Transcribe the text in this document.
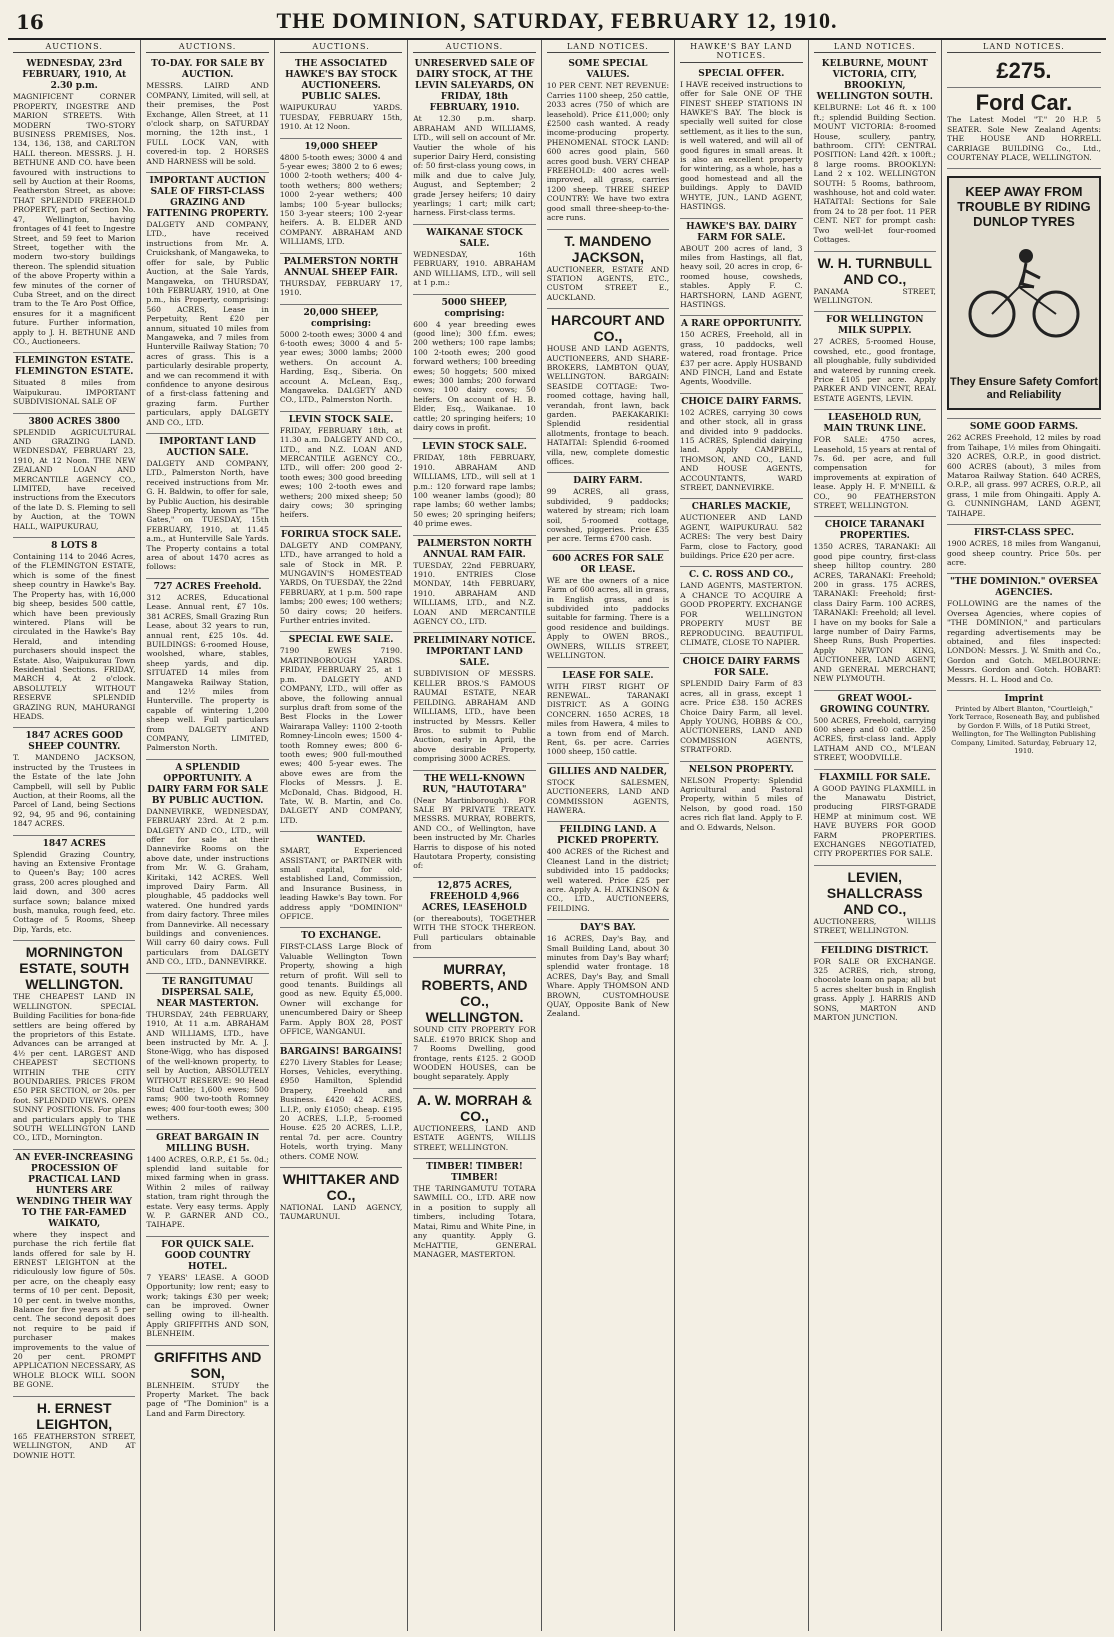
16	THE DOMINION, SATURDAY, FEBRUARY 12, 1910.
AUCTIONS.
WEDNESDAY, 23rd FEBRUARY, 1910, At 2.30 p.m.

MAGNIFICENT CORNER PROPERTY, INGESTRE AND MARION STREETS. With MODERN TWO-STORY BUSINESS PREMISES, Nos. 134, 136, 138, and CARLTON HALL thereon. MESSRS. J. H. BETHUNE AND CO. have been favoured with instructions to sell by Auction at their Rooms, Featherston Street, as above: THAT SPLENDID FREEHOLD PROPERTY, part of Section No. 47, Wellington, having frontages of 41 feet to Ingestre Street, and 59 feet to Marion Street, together with the modern two-story buildings thereon. The splendid situation of the above Property within a few minutes of the corner of Cuba Street, and on the direct tram to the Te Aro Post Office, ensures for it a magnificent future. Further information, apply to J. H. BETHUNE AND CO., Auctioneers.

FLEMINGTON ESTATE. FLEMINGTON ESTATE.

Situated 8 miles from Waipukurau. IMPORTANT SUBDIVISIONAL SALE OF

3800 ACRES 3800

SPLENDID AGRICULTURAL AND GRAZING LAND. WEDNESDAY, FEBRUARY 23, 1910, At 12 Noon. THE NEW ZEALAND LOAN AND MERCANTILE AGENCY CO., LIMITED, have received instructions from the Executors of the late D. S. Fleming to sell by Auction, at the TOWN HALL, WAIPUKURAU,

8 LOTS 8

Containing 114 to 2046 Acres, of the FLEMINGTON ESTATE, which is some of the finest sheep country in Hawke's Bay. The Property has, with 16,000 big sheep, besides 500 cattle, which have been previously wintered. Plans will be circulated in the Hawke's Bay Herald, and intending purchasers should inspect the Estate. Also, Waipukurau Town Residential Sections. FRIDAY, MARCH 4, At 2 o'clock. ABSOLUTELY WITHOUT RESERVE SPLENDID GRAZING RUN, MAHURANGI HEADS.

1847 ACRES GOOD SHEEP COUNTRY.

T. MANDENO JACKSON, instructed by the Trustees in the Estate of the late John Campbell, will sell by Public Auction, at their Rooms, all the Parcel of Land, being Sections 92, 94, 95 and 96, containing 1847 ACRES.

1847 ACRES

Splendid Grazing Country, having an Extensive Frontage to Queen's Bay; 100 acres grass, 200 acres ploughed and laid down, and 300 acres surface sown; balance mixed bush, manuka, rough feed, etc. Cottage of 5 Rooms, Sheep Dip, Yards, etc.

MORNINGTON ESTATE, SOUTH WELLINGTON.

THE CHEAPEST LAND IN WELLINGTON. SPECIAL Building Facilities for bona-fide settlers are being offered by the proprietors of this Estate. Advances can be arranged at 4½ per cent. LARGEST AND CHEAPEST SECTIONS WITHIN THE CITY BOUNDARIES. PRICES FROM £50 PER SECTION, or 20s. per foot. SPLENDID VIEWS. OPEN SUNNY POSITIONS. For plans and particulars apply to THE SOUTH WELLINGTON LAND CO., LTD., Mornington.

AN EVER-INCREASING PROCESSION OF PRACTICAL LAND HUNTERS ARE WENDING THEIR WAY TO THE FAR-FAMED WAIKATO,

where they inspect and purchase the rich fertile flat lands offered for sale by H. ERNEST LEIGHTON at the ridiculously low figure of 50s. per acre, on the cheaply easy terms of 10 per cent. Deposit, 10 per cent. in twelve months, Balance for five years at 5 per cent. The second deposit does not require to be paid if purchaser makes improvements to the value of 20 per cent. PROMPT APPLICATION NECESSARY, AS WHOLE BLOCK WILL SOON BE GONE.

H. ERNEST LEIGHTON,

165 FEATHERSTON STREET, WELLINGTON, AND AT DOWNIE HOTT.

AUCTIONS.
TO-DAY. FOR SALE BY AUCTION.

MESSRS. LAIRD AND COMPANY, Limited, will sell, at their premises, the Post Exchange, Allen Street, at 11 o'clock sharp, on SATURDAY morning, the 12th inst., 1 FULL LOCK VAN, with covered-in top. 2 HORSES AND HARNESS will be sold.

IMPORTANT AUCTION SALE OF FIRST-CLASS GRAZING AND FATTENING PROPERTY.

DALGETY AND COMPANY, LTD., have received instructions from Mr. A. Cruickshank, of Mangaweka, to offer for sale, by Public Auction, at the Sale Yards, Mangaweka, on THURSDAY, 10th FEBRUARY, 1910, at One p.m., his Property, comprising: 560 ACRES, Lease in Perpetuity, Rent £20 per annum, situated 10 miles from Mangaweka, and 7 miles from Hunterville Railway Station; 70 acres of grass. This is a particularly desirable property, and we can recommend it with confidence to anyone desirous of a first-class fattening and grazing farm. Further particulars, apply DALGETY AND CO., LTD.

IMPORTANT LAND AUCTION SALE.

DALGETY AND COMPANY, LTD., Palmerston North, have received instructions from Mr. G. H. Baldwin, to offer for sale, by Public Auction, his desirable Sheep Property, known as "The Gates," on TUESDAY, 15th FEBRUARY, 1910, at 11.45 a.m., at Hunterville Sale Yards. The Property contains a total area of about 1470 acres as follows:

727 ACRES Freehold.

312 ACRES, Educational Lease. Annual rent, £7 10s. 381 ACRES, Small Grazing Run Lease, about 32 years to run, annual rent, £25 10s. 4d. BUILDINGS: 6-roomed House, woolshed, whare, stables, sheep yards, and dip. SITUATED 14 miles from Mangaweka Railway Station, and 12½ miles from Hunterville. The property is capable of wintering 1,200 sheep well. Full particulars from DALGETY AND COMPANY, LIMITED, Palmerston North.

A SPLENDID OPPORTUNITY. A DAIRY FARM FOR SALE BY PUBLIC AUCTION.

DANNEVIRKE, WEDNESDAY, FEBRUARY 23rd. At 2 p.m. DALGETY AND CO., LTD., will offer for sale at their Dannevirke Rooms on the above date, under instructions from Mr. W. G. Graham, Kiritaki, 142 ACRES. Well improved Dairy Farm. All ploughable, 45 paddocks well watered. One hundred yards from dairy factory. Three miles from Dannevirke. All necessary buildings and conveniences. Will carry 60 dairy cows. Full particulars from DALGETY AND CO., LTD., DANNEVIRKE.

TE RANGITUMAU DISPERSAL SALE, NEAR MASTERTON.

THURSDAY, 24th FEBRUARY, 1910, At 11 a.m. ABRAHAM AND WILLIAMS, LTD., have been instructed by Mr. A. J. Stone-Wigg, who has disposed of the well-known property, to sell by Auction, ABSOLUTELY WITHOUT RESERVE: 90 Head Stud Cattle; 1,600 ewes; 500 rams; 900 two-tooth Romney ewes; 400 four-tooth ewes; 300 wethers.

GREAT BARGAIN IN MILLING BUSH.

1400 ACRES, O.R.P., £1 5s. 0d.; splendid land suitable for mixed farming when in grass. Within 2 miles of railway station, tram right through the estate. Very easy terms. Apply W. P. GARNER AND CO., TAIHAPE.

FOR QUICK SALE. GOOD COUNTRY HOTEL.

7 YEARS' LEASE. A GOOD Opportunity; low rent; easy to work; takings £30 per week; can be improved. Owner selling owing to ill-health. Apply GRIFFITHS AND SON, BLENHEIM.

GRIFFITHS AND SON,

BLENHEIM. STUDY the Property Market. The back page of "The Dominion" is a Land and Farm Directory.

AUCTIONS.
THE ASSOCIATED HAWKE'S BAY STOCK AUCTIONEERS. PUBLIC SALES.

WAIPUKURAU YARDS. TUESDAY, FEBRUARY 15th, 1910. At 12 Noon.

19,000 SHEEP

4800 5-tooth ewes; 3000 4 and 5-year ewes; 3800 2 to 6 ewes; 1000 2-tooth wethers; 400 4-tooth wethers; 800 wethers; 1000 2-year wethers; 400 lambs; 100 5-year bullocks; 150 3-year steers; 100 2-year heifers. A. B. ELDER AND COMPANY. ABRAHAM AND WILLIAMS, LTD.

PALMERSTON NORTH ANNUAL SHEEP FAIR.

THURSDAY, FEBRUARY 17, 1910.

20,000 SHEEP, comprising:

5000 2-tooth ewes; 3000 4 and 6-tooth ewes; 3000 4 and 5-year ewes; 3000 lambs; 2000 wethers. On account A. Harding, Esq., Siberia. On account A. McLean, Esq., Mangaweka. DALGETY AND CO., LTD., Palmerston North.

LEVIN STOCK SALE.

FRIDAY, FEBRUARY 18th, at 11.30 a.m. DALGETY AND CO., LTD., and N.Z. LOAN AND MERCANTILE AGENCY CO., LTD., will offer: 200 good 2-tooth ewes; 300 good breeding ewes; 100 2-tooth ewes and wethers; 200 mixed sheep; 50 dairy cows; 30 springing heifers.

FORIRUA STOCK SALE.

DALGETY AND COMPANY, LTD., have arranged to hold a sale of Stock in MR. P. MUNGAVIN'S HOMESTEAD YARDS, On TUESDAY, the 22nd FEBRUARY, at 1 p.m. 500 rape lambs; 200 ewes; 100 wethers; 50 dairy cows; 20 heifers. Further entries invited.

SPECIAL EWE SALE.

7190 EWES 7190. MARTINBOROUGH YARDS. FRIDAY, FEBRUARY 25, at 1 p.m. DALGETY AND COMPANY, LTD., will offer as above, the following annual surplus draft from some of the Best Flocks in the Lower Wairarapa Valley: 1100 2-tooth Romney-Lincoln ewes; 1500 4-tooth Romney ewes; 800 6-tooth ewes; 900 full-mouthed ewes; 400 5-year ewes. The above ewes are from the Flocks of Messrs. J. E. McDonald, Chas. Bidgood, H. Tate, W. B. Martin, and Co. DALGETY AND COMPANY, LTD.

WANTED.

SMART, Experienced ASSISTANT, or PARTNER with small capital, for old-established Land, Commission, and Insurance Business, in leading Hawke's Bay town. For address apply "DOMINION" OFFICE.

TO EXCHANGE.

FIRST-CLASS Large Block of Valuable Wellington Town Property, showing a high return of profit. Will sell to good tenants. Buildings all good as new. Equity £5,000. Owner will exchange for unencumbered Dairy or Sheep Farm. Apply BOX 28, POST OFFICE, WANGANUI.

BARGAINS! BARGAINS!

£270 Livery Stables for Lease; Horses, Vehicles, everything. £950 Hamilton, Splendid Drapery, Freehold and Business. £420 42 ACRES, L.I.P., only £1050; cheap. £195 20 ACRES, L.I.P., 5-roomed House. £25 20 ACRES, L.I.P., rental 7d. per acre. Country Hotels, worth trying. Many others. COME NOW.

WHITTAKER AND CO.,

NATIONAL LAND AGENCY, TAUMARUNUI.

AUCTIONS.
UNRESERVED SALE OF DAIRY STOCK, AT THE LEVIN SALEYARDS, ON FRIDAY, 18th FEBRUARY, 1910.

At 12.30 p.m. sharp. ABRAHAM AND WILLIAMS, LTD., will sell on account of Mr. Vautier the whole of his superior Dairy Herd, consisting of: 50 first-class young cows, in milk and due to calve July, August, and September; 2 grade Jersey heifers; 10 dairy yearlings; 1 cart; milk cart; harness. First-class terms.

WAIKANAE STOCK SALE.

WEDNESDAY, 16th FEBRUARY, 1910. ABRAHAM AND WILLIAMS, LTD., will sell at 1 p.m.:

5000 SHEEP, comprising:

600 4 year breeding ewes (good line); 300 f.f.m. ewes; 200 wethers; 100 rape lambs; 100 2-tooth ewes; 200 good forward wethers; 100 breeding ewes; 50 hoggets; 500 mixed ewes; 300 lambs; 200 forward cows; 100 dairy cows; 50 heifers. On account of H. B. Elder, Esq., Waikanae. 10 cattle; 20 springing heifers; 10 dairy cows in profit.

LEVIN STOCK SALE.

FRIDAY, 18th FEBRUARY, 1910. ABRAHAM AND WILLIAMS, LTD., will sell at 1 p.m.: 120 forward rape lambs; 100 weaner lambs (good); 80 rape lambs; 60 wether lambs; 50 ewes; 20 springing heifers; 40 prime ewes.

PALMERSTON NORTH ANNUAL RAM FAIR.

TUESDAY, 22nd FEBRUARY, 1910. ENTRIES Close MONDAY, 14th FEBRUARY, 1910. ABRAHAM AND WILLIAMS, LTD., and N.Z. LOAN AND MERCANTILE AGENCY CO., LTD.

PRELIMINARY NOTICE. IMPORTANT LAND SALE.

SUBDIVISION OF MESSRS. KELLER BROS.'S FAMOUS RAUMAI ESTATE, NEAR FEILDING. ABRAHAM AND WILLIAMS, LTD., have been instructed by Messrs. Keller Bros. to submit to Public Auction, early in April, the above desirable Property, comprising 3000 ACRES.

THE WELL-KNOWN RUN, "HAUTOTARA"

(Near Martinborough). FOR SALE BY PRIVATE TREATY. MESSRS. MURRAY, ROBERTS, AND CO., of Wellington, have been instructed by Mr. Charles Harris to dispose of his noted Hautotara Property, consisting of:

12,875 ACRES, FREEHOLD 4,966 ACRES, LEASEHOLD

(or thereabouts), TOGETHER WITH THE STOCK THEREON. Full particulars obtainable from

MURRAY, ROBERTS, AND CO., WELLINGTON.

SOUND CITY PROPERTY FOR SALE. £1970 BRICK Shop and 7 Rooms Dwelling, good frontage, rents £125. 2 GOOD WOODEN HOUSES, can be bought separately. Apply

A. W. MORRAH & CO.,

AUCTIONEERS, LAND AND ESTATE AGENTS, WILLIS STREET, WELLINGTON.

TIMBER! TIMBER! TIMBER!

THE TARINGAMUTU TOTARA SAWMILL CO., LTD. ARE now in a position to supply all timbers, including Totara, Matai, Rimu and White Pine, in any quantity. Apply G. McHATTIE, GENERAL MANAGER, MASTERTON.

LAND NOTICES.
SOME SPECIAL VALUES.

10 PER CENT. NET REVENUE: Carries 1100 sheep, 250 cattle, 2033 acres (750 of which are leasehold). Price £11,000; only £2500 cash wanted. A ready income-producing property. PHENOMENAL STOCK LAND: 600 acres good plain, 560 acres good bush. VERY CHEAP FREEHOLD: 400 acres well-improved, all grass, carries 1200 sheep. THREE SHEEP COUNTRY: We have two extra good small three-sheep-to-the-acre runs.

T. MANDENO JACKSON,

AUCTIONEER, ESTATE AND STATION AGENTS, ETC., CUSTOM STREET E., AUCKLAND.

HARCOURT AND CO.,

HOUSE AND LAND AGENTS, AUCTIONEERS, AND SHARE-BROKERS, LAMBTON QUAY, WELLINGTON. BARGAIN: SEASIDE COTTAGE: Two-roomed cottage, having hall, verandah, front lawn, back garden. PAEKAKARIKI: Splendid residential allotments, frontage to beach. HATAITAI: Splendid 6-roomed villa, new, complete domestic offices.

DAIRY FARM.

99 ACRES, all grass, subdivided, 9 paddocks; watered by stream; rich loam soil, 5-roomed cottage, cowshed, piggeries. Price £35 per acre. Terms £700 cash.

600 ACRES FOR SALE OR LEASE.

WE are the owners of a nice Farm of 600 acres, all in grass, in English grass, and is subdivided into paddocks suitable for farming. There is a good residence and buildings. Apply to OWEN BROS., OWNERS, WILLIS STREET, WELLINGTON.

LEASE FOR SALE.

WITH FIRST RIGHT OF RENEWAL. TARANAKI DISTRICT. AS A GOING CONCERN. 1650 ACRES, 18 miles from Hawera, 4 miles to a town from end of March. Rent, 6s. per acre. Carries 1000 sheep, 150 cattle.

GILLIES AND NALDER,

STOCK SALESMEN, AUCTIONEERS, LAND AND COMMISSION AGENTS, HAWERA.

FEILDING LAND. A PICKED PROPERTY.

400 ACRES of the Richest and Cleanest Land in the district; subdivided into 15 paddocks; well watered. Price £25 per acre. Apply A. H. ATKINSON & CO., LTD., AUCTIONEERS, FEILDING.

DAY'S BAY.

16 ACRES, Day's Bay, and Small Building Land, about 30 minutes from Day's Bay wharf; splendid water frontage. 18 ACRES, Day's Bay, and Small Whare. Apply THOMSON AND BROWN, CUSTOMHOUSE QUAY, Opposite Bank of New Zealand.

HAWKE'S BAY LAND NOTICES.
SPECIAL OFFER.

I HAVE received instructions to offer for Sale ONE OF THE FINEST SHEEP STATIONS IN HAWKE'S BAY. The block is specially well suited for close settlement, as it lies to the sun, is well watered, and will all of good figures in small areas. It is also an excellent property for wintering, as a whole, has a good homestead and all the buildings. Apply to DAVID WHYTE, JUN., LAND AGENT, HASTINGS.

HAWKE'S BAY. DAIRY FARM FOR SALE.

ABOUT 200 acres of land, 3 miles from Hastings, all flat, heavy soil, 20 acres in crop, 6-roomed house, cowsheds, stables. Apply F. C. HARTSHORN, LAND AGENT, HASTINGS.

A RARE OPPORTUNITY.

150 ACRES, Freehold, all in grass, 10 paddocks, well watered, road frontage. Price £37 per acre. Apply HUSBAND AND FINCH, Land and Estate Agents, Woodville.

CHOICE DAIRY FARMS.

102 ACRES, carrying 30 cows and other stock, all in grass and divided into 9 paddocks. 115 ACRES, Splendid dairying land. Apply CAMPBELL, THOMSON, AND CO., LAND AND HOUSE AGENTS, ACCOUNTANTS, WARD STREET, DANNEVIRKE.

CHARLES MACKIE,

AUCTIONEER AND LAND AGENT, WAIPUKURAU. 582 ACRES: The very best Dairy Farm, close to Factory, good buildings. Price £20 per acre.

C. C. ROSS AND CO.,

LAND AGENTS, MASTERTON. A CHANCE TO ACQUIRE A GOOD PROPERTY. EXCHANGE FOR WELLINGTON PROPERTY MUST BE REPRODUCING. BEAUTIFUL CLIMATE, CLOSE TO NAPIER.

CHOICE DAIRY FARMS FOR SALE.

SPLENDID Dairy Farm of 83 acres, all in grass, except 1 acre. Price £38. 150 ACRES Choice Dairy Farm, all level. Apply YOUNG, HOBBS & CO., AUCTIONEERS, LAND AND COMMISSION AGENTS, STRATFORD.

NELSON PROPERTY.

NELSON Property: Splendid Agricultural and Pastoral Property, within 5 miles of Nelson, by good road. 150 acres rich flat land. Apply to F. and O. Edwards, Nelson.

LAND NOTICES.
KELBURNE, MOUNT VICTORIA, CITY, BROOKLYN, WELLINGTON SOUTH.

KELBURNE: Lot 46 ft. x 100 ft.; splendid Building Section. MOUNT VICTORIA: 8-roomed House, scullery, pantry, bathroom. CITY: CENTRAL POSITION: Land 42ft. x 100ft.; 8 large rooms. BROOKLYN: Land 2 x 102. WELLINGTON SOUTH: 5 Rooms, bathroom, washhouse, hot and cold water. HATAITAI: Sections for Sale from 24 to 28 per foot. 11 PER CENT. NET for prompt cash: Two well-let four-roomed Cottages.

W. H. TURNBULL AND CO.,

PANAMA STREET, WELLINGTON.

FOR WELLINGTON MILK SUPPLY.

27 ACRES, 5-roomed House, cowshed, etc., good frontage, all ploughable, fully subdivided and watered by running creek. Price £105 per acre. Apply PARKER AND VINCENT, REAL ESTATE AGENTS, LEVIN.

LEASEHOLD RUN, MAIN TRUNK LINE.

FOR SALE: 4750 acres, Leasehold, 15 years at rental of 7s. 6d. per acre, and full compensation for improvements at expiration of lease. Apply H. F. M'NEILL & CO., 90 FEATHERSTON STREET, WELLINGTON.

CHOICE TARANAKI PROPERTIES.

1350 ACRES, TARANAKI: All good pipe country, first-class sheep hilltop country. 280 ACRES, TARANAKI: Freehold; 200 in grass. 175 ACRES, TARANAKI: Freehold; first-class Dairy Farm. 100 ACRES, TARANAKI: Freehold; all level. I have on my books for Sale a large number of Dairy Farms, Sheep Runs, Bush Properties. Apply NEWTON KING, AUCTIONEER, LAND AGENT, AND GENERAL MERCHANT, NEW PLYMOUTH.

GREAT WOOL-GROWING COUNTRY.

500 ACRES, Freehold, carrying 600 sheep and 60 cattle. 250 ACRES, first-class land. Apply LATHAM AND CO., M'LEAN STREET, WOODVILLE.

FLAXMILL FOR SALE.

A GOOD PAYING FLAXMILL in the Manawatu District, producing FIRST-GRADE HEMP at minimum cost. WE HAVE BUYERS FOR GOOD FARM PROPERTIES. EXCHANGES NEGOTIATED, CITY PROPERTIES FOR SALE.

LEVIEN, SHALLCRASS AND CO.,

AUCTIONEERS, WILLIS STREET, WELLINGTON.

FEILDING DISTRICT.

FOR SALE OR EXCHANGE. 325 ACRES, rich, strong, chocolate loam on papa; all but 5 acres shelter bush in English grass. Apply J. HARRIS AND SONS, MARTON AND MARTON JUNCTION.

LAND NOTICES.
£275.
Ford Car.

The Latest Model "T." 20 H.P. 5 SEATER. Sole New Zealand Agents: THE HOUSE AND HORRELL CARRIAGE BUILDING Co., Ltd., COURTENAY PLACE, WELLINGTON.

KEEP AWAY FROM TROUBLE BY RIDING DUNLOP TYRES
They Ensure Safety Comfort and Reliability
SOME GOOD FARMS.

262 ACRES Freehold, 12 miles by road from Taihape, 1½ miles from Ohingaiti. 320 ACRES, O.R.P., in good district. 600 ACRES (about), 3 miles from Mataroa Railway Station. 640 ACRES, O.R.P., all grass. 997 ACRES, O.R.P., all grass, 1 mile from Ohingaiti. Apply A. G. CUNNINGHAM, LAND AGENT, TAIHAPE.

FIRST-CLASS SPEC.

1900 ACRES, 18 miles from Wanganui, good sheep country. Price 50s. per acre.

"THE DOMINION." OVERSEA AGENCIES.

FOLLOWING are the names of the Oversea Agencies, where copies of "THE DOMINION," and particulars regarding advertisements may be obtained, and files inspected: LONDON: Messrs. J. W. Smith and Co., Gordon and Gotch. MELBOURNE: Messrs. Gordon and Gotch. HOBART: Messrs. H. L. Hood and Co.

Imprint

Printed by Albert Blanton, "Courtleigh," York Terrace, Roseneath Bay, and published by Gordon F. Wills, of 18 Putiki Street, Wellington, for The Wellington Publishing Company, Limited. Saturday, February 12, 1910.
